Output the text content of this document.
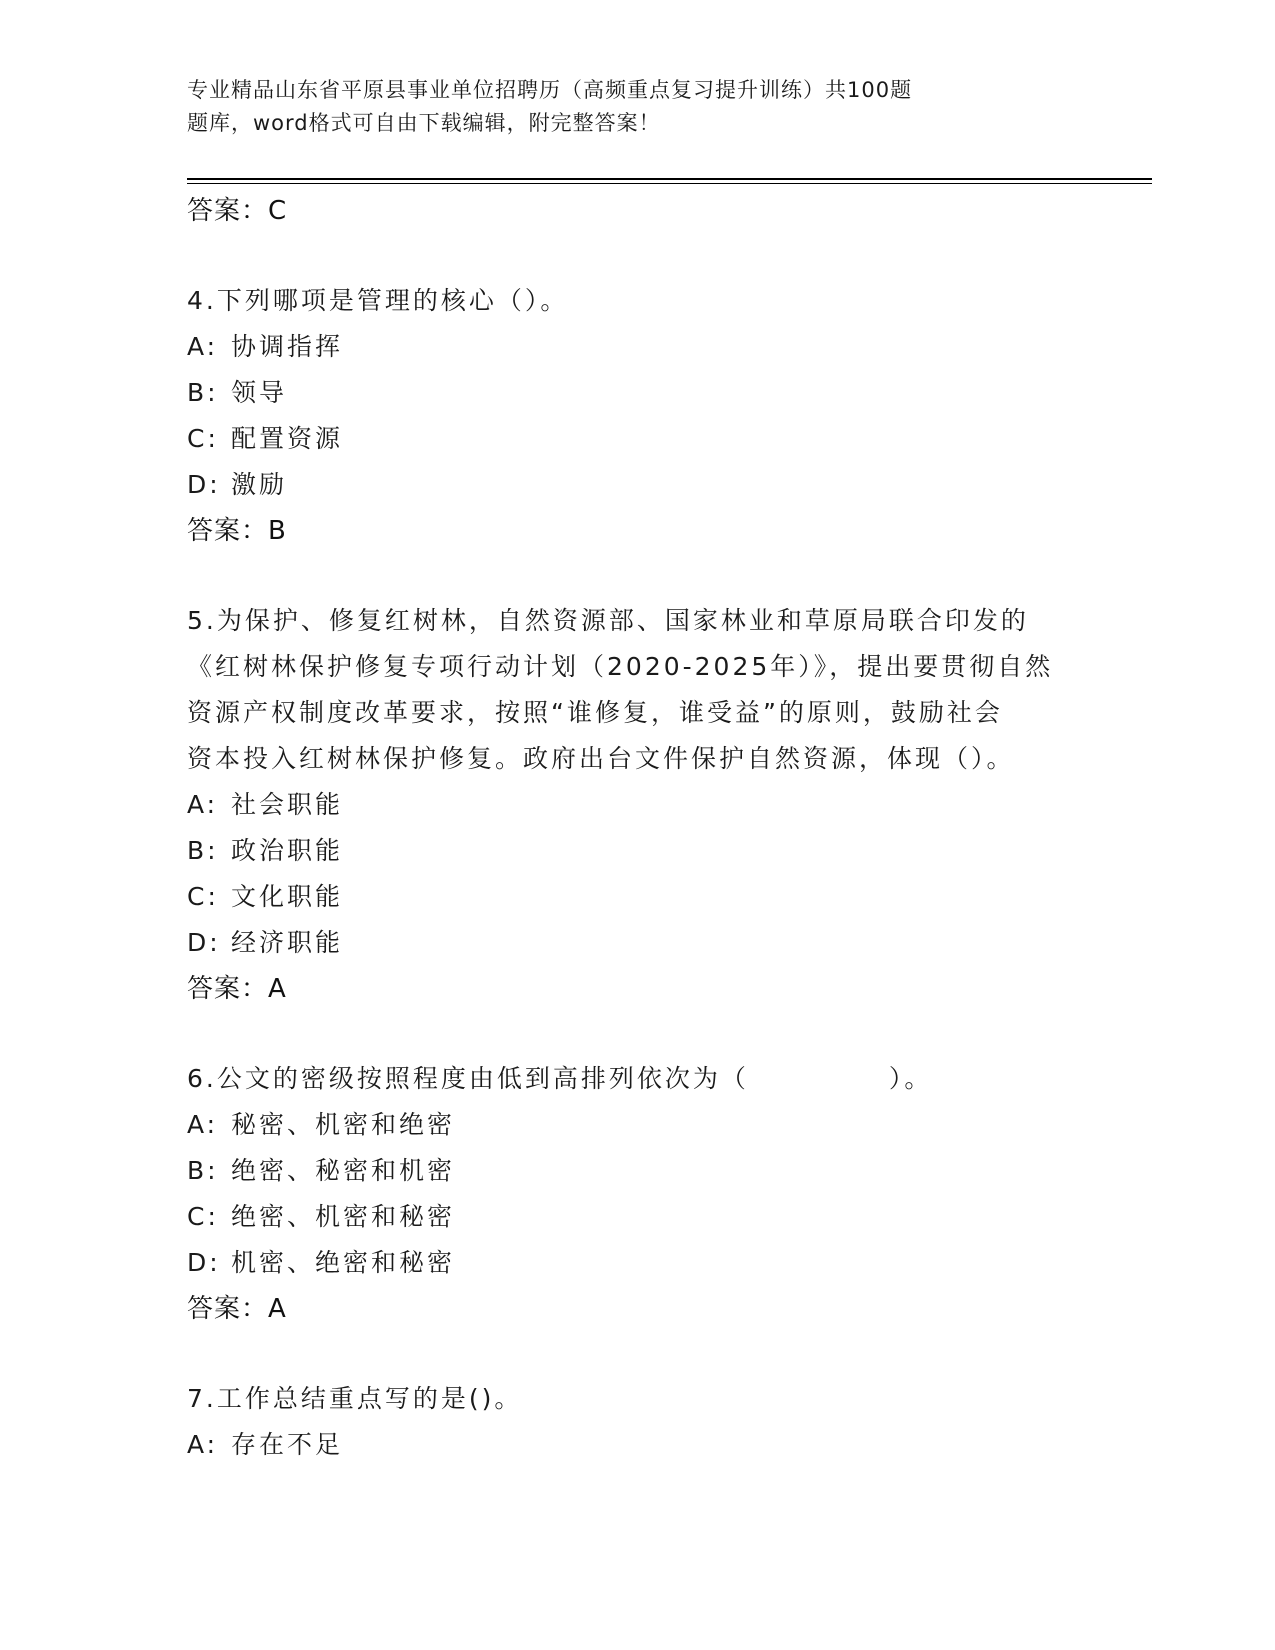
专业精品山东省平原县事业单位招聘历（高频重点复习提升训练）共100题
题库，word格式可自由下载编辑，附完整答案！
答案：C
4.下列哪项是管理的核心（）。
A: 协调指挥
B: 领导
C: 配置资源
D: 激励
答案：B
5.为保护、修复红树林，自然资源部、国家林业和草原局联合印发的
《红树林保护修复专项行动计划（2020-2025年）》，提出要贯彻自然
资源产权制度改革要求，按照“谁修复，谁受益”的原则，鼓励社会
资本投入红树林保护修复。政府出台文件保护自然资源，体现（）。
A: 社会职能
B: 政治职能
C: 文化职能
D: 经济职能
答案：A
6.公文的密级按照程度由低到高排列依次为（　　　　　）。
A: 秘密、机密和绝密
B: 绝密、秘密和机密
C: 绝密、机密和秘密
D: 机密、绝密和秘密
答案：A
7.工作总结重点写的是()。
A: 存在不足
